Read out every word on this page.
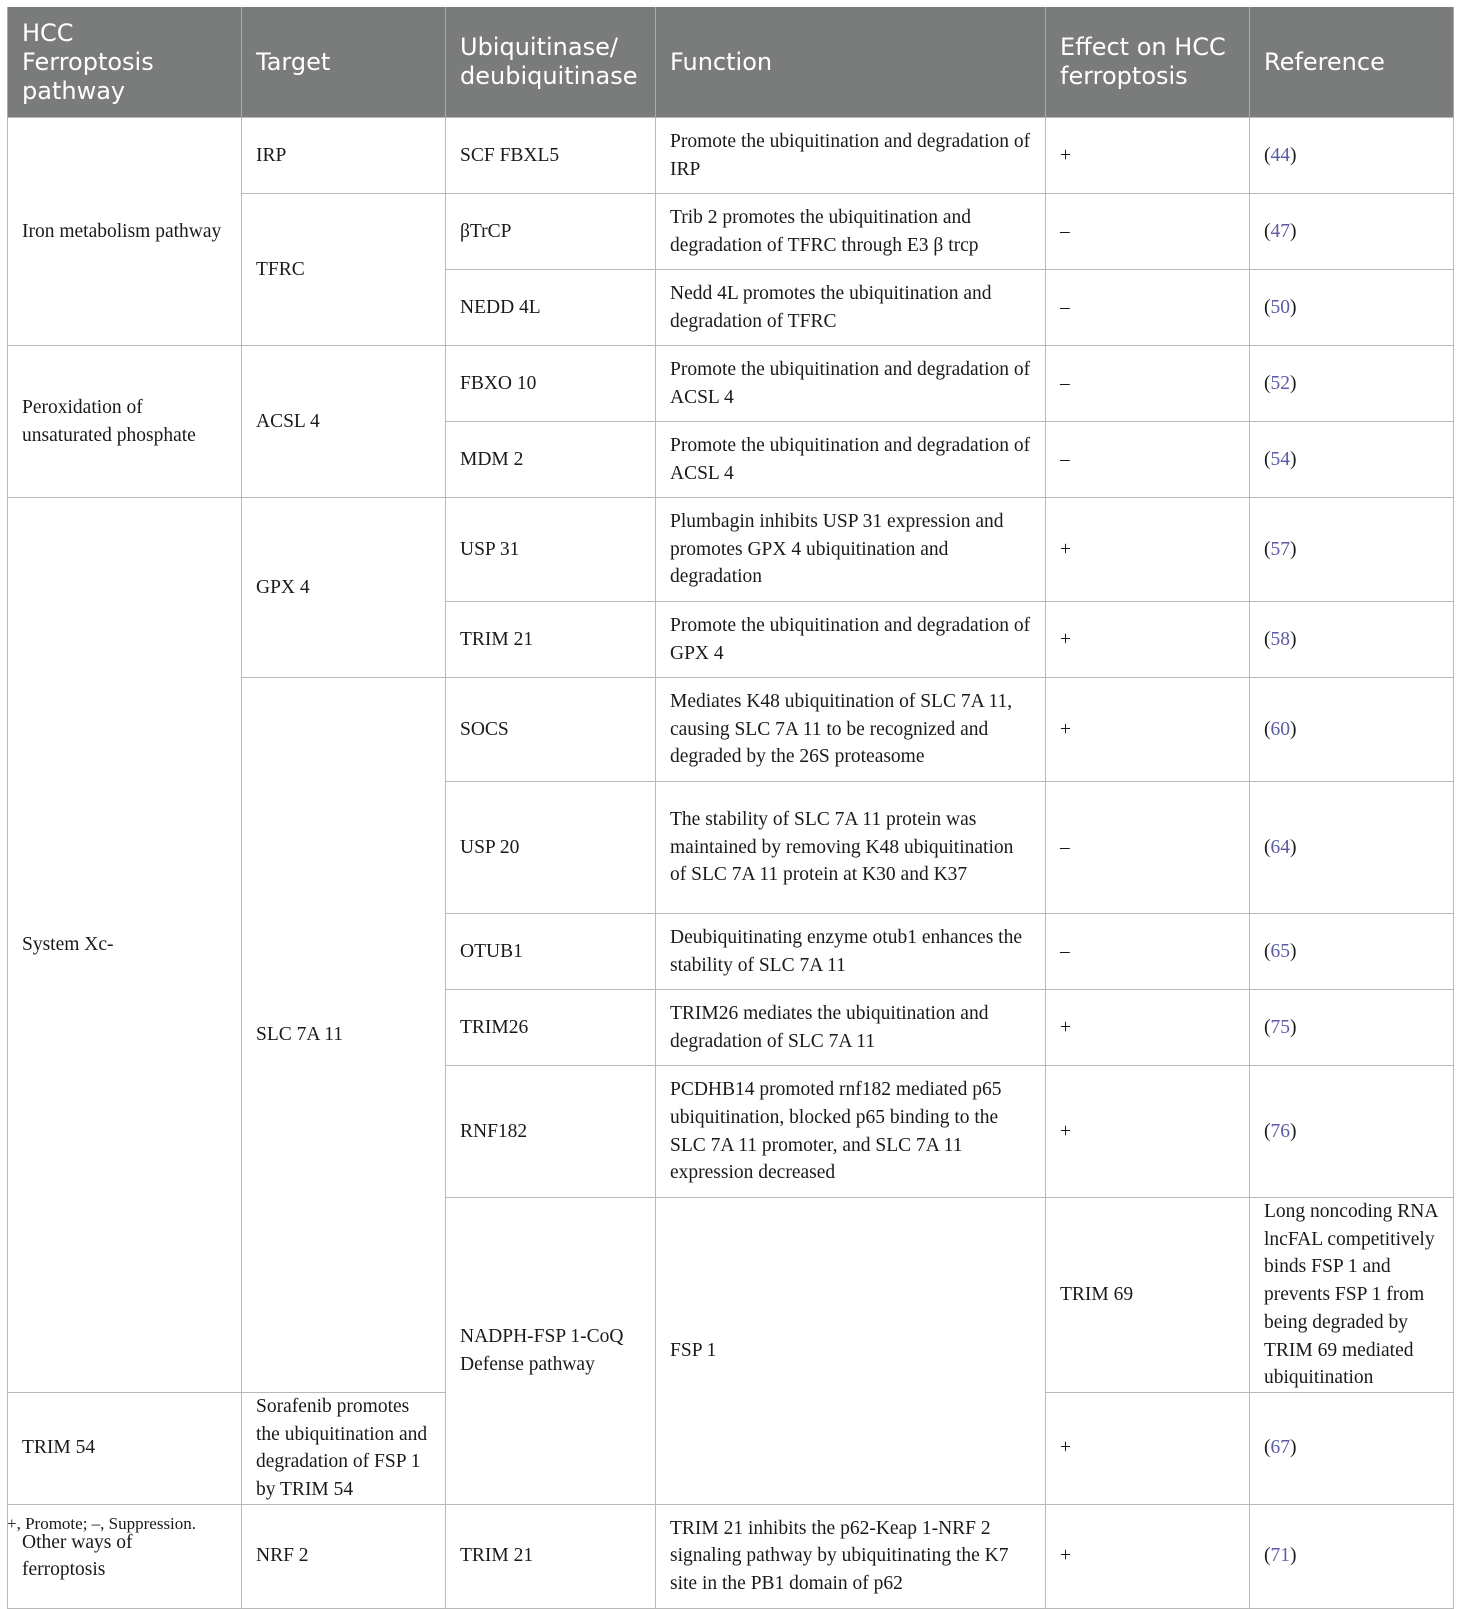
HCC Ferroptosis pathway	Target	Ubiquitinase/ deubiquitinase	Function	Effect on HCC ferroptosis	Reference	
Iron metabolism pathway	IRP	SCF FBXL5	Promote the ubiquitination and degradation of IRP	+	(44)	
	TFRC	βTrCP	Trib 2 promotes the ubiquitination and degradation of TFRC through E3 β trcp	–	(47)	
		NEDD 4L	Nedd 4L promotes the ubiquitination and degradation of TFRC	–	(50)	
Peroxidation of unsaturated phosphate	ACSL 4	FBXO 10	Promote the ubiquitination and degradation of ACSL 4	–	(52)	
		MDM 2	Promote the ubiquitination and degradation of ACSL 4	–	(54)	
System Xc-	GPX 4	USP 31	Plumbagin inhibits USP 31 expression and promotes GPX 4 ubiquitination and degradation	+	(57)	
		TRIM 21	Promote the ubiquitination and degradation of GPX 4	+	(58)	
	SLC 7A 11	SOCS	Mediates K48 ubiquitination of SLC 7A 11, causing SLC 7A 11 to be recognized and degraded by the 26S proteasome	+	(60)	
		USP 20	The stability of SLC 7A 11 protein was maintained by removing K48 ubiquitination of SLC 7A 11 protein at K30 and K37	–	(64)	
		OTUB1	Deubiquitinating enzyme otub1 enhances the stability of SLC 7A 11	–	(65)	
		TRIM26	TRIM26 mediates the ubiquitination and degradation of SLC 7A 11	+	(75)	
		RNF182	PCDHB14 promoted rnf182 mediated p65 ubiquitination, blocked p65 binding to the SLC 7A 11 promoter, and SLC 7A 11 expression decreased	+	(76)	
		NADPH-FSP 1-CoQ Defense pathway	FSP 1	TRIM 69	Long noncoding RNA lncFAL competitively binds FSP 1 and prevents FSP 1 from being degraded by TRIM 69 mediated ubiquitination		
TRIM 54	Sorafenib promotes the ubiquitination and degradation of FSP 1 by TRIM 54			+	(67)	
Other ways of ferroptosis	NRF 2	TRIM 21	TRIM 21 inhibits the p62-Keap 1-NRF 2 signaling pathway by ubiquitinating the K7 site in the PB1 domain of p62	+	(71)	
+, Promote; –, Suppression.
